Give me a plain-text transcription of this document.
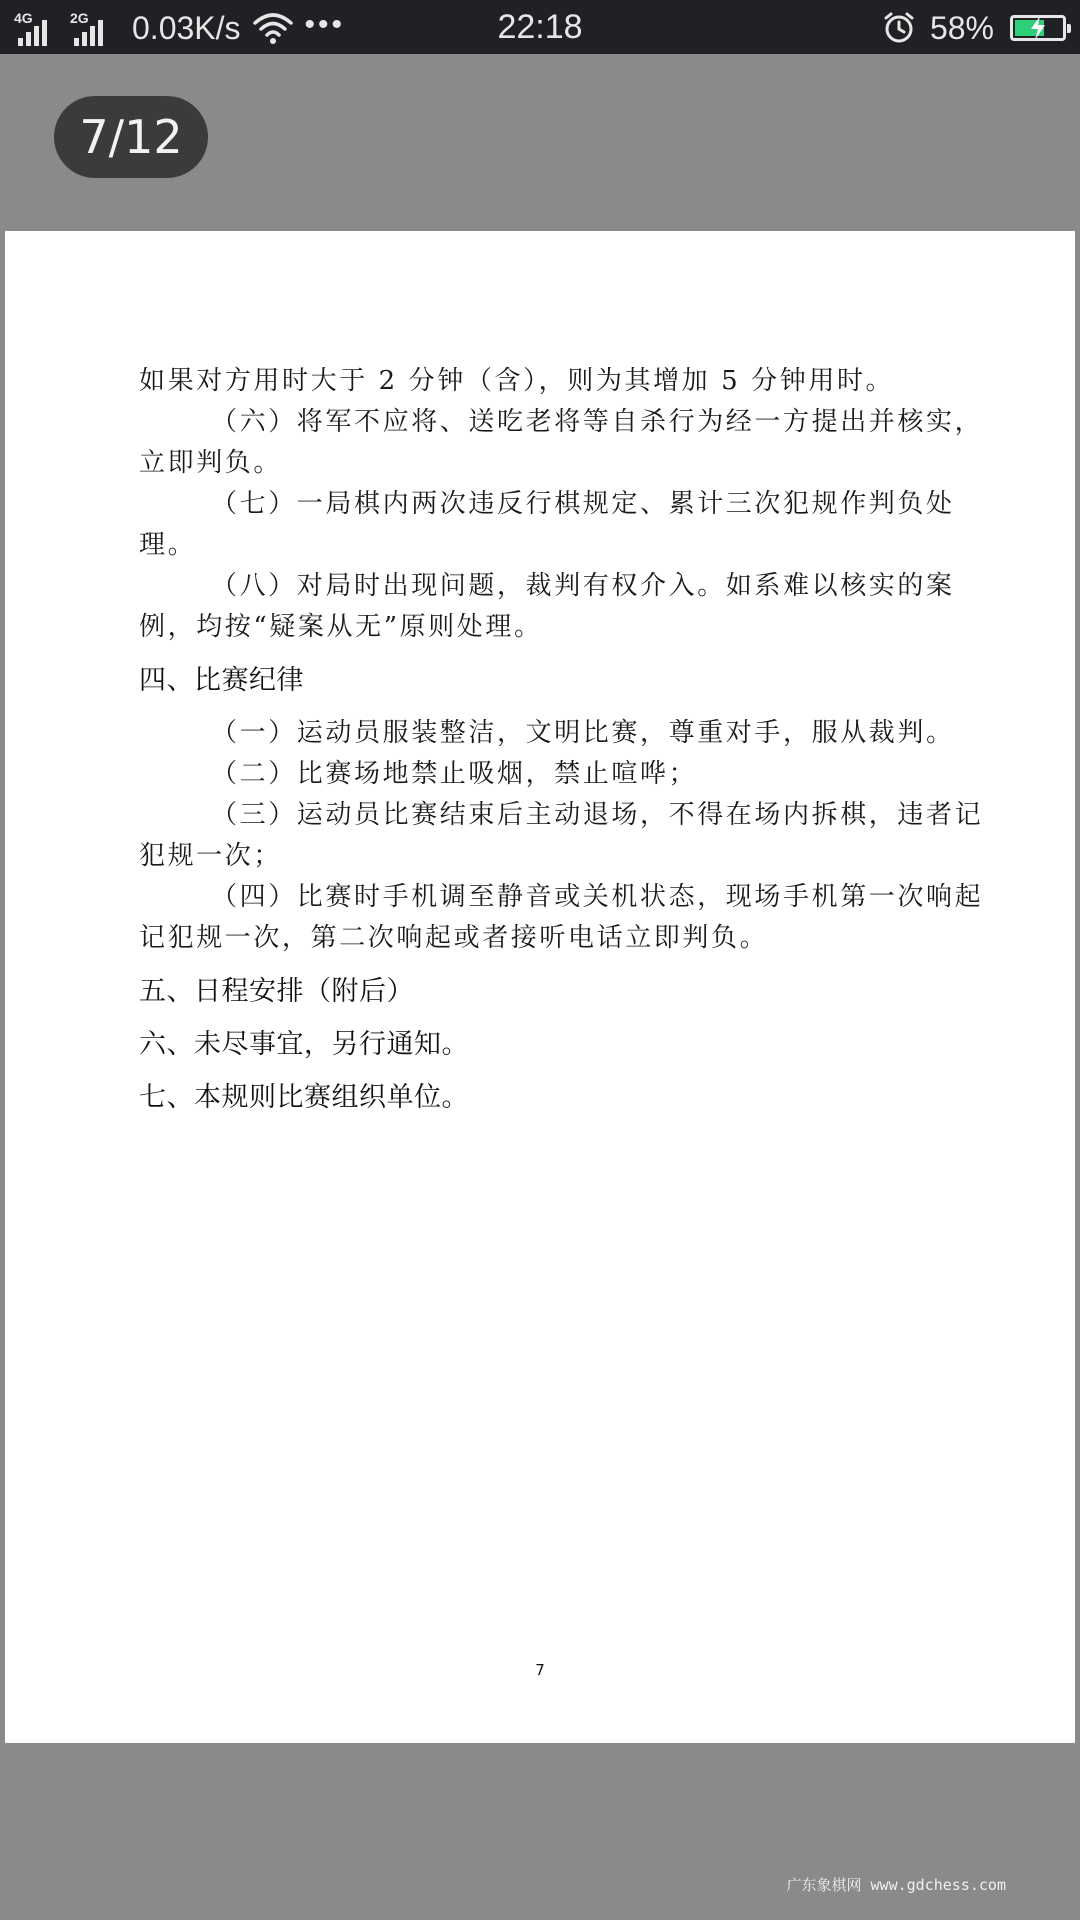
4G	2G 0.03K/s •••	22:18	58%
7/12

如果对方用时大于 2 分钟（含），则为其增加 5 分钟用时。

（六）将军不应将、送吃老将等自杀行为经一方提出并核实，立即判负。

（七）一局棋内两次违反行棋规定、累计三次犯规作判负处理。

（八）对局时出现问题，裁判有权介入。如系难以核实的案例，均按“疑案从无”原则处理。

四、比赛纪律

（一）运动员服装整洁，文明比赛，尊重对手，服从裁判。

（二）比赛场地禁止吸烟，禁止喧哗；

（三）运动员比赛结束后主动退场，不得在场内拆棋，违者记犯规一次；

（四）比赛时手机调至静音或关机状态，现场手机第一次响起记犯规一次，第二次响起或者接听电话立即判负。

五、日程安排（附后）

六、未尽事宜，另行通知。

七、本规则比赛组织单位。

7
广东象棋网 www.gdchess.com
